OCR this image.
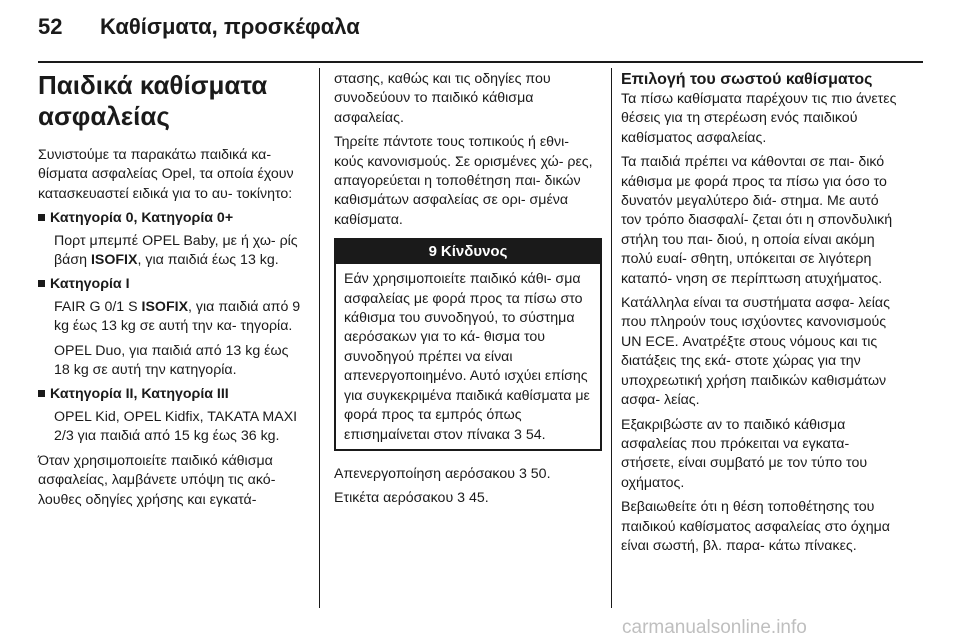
52 Καθίσματα, προσκέφαλα
Παιδικά καθίσματα ασφαλείας

Συνιστούμε τα παρακάτω παιδικά κα- θίσματα ασφαλείας Opel, τα οποία έχουν κατασκευαστεί ειδικά για το αυ- τοκίνητο:

Κατηγορία 0, Κατηγορία 0+

Πορτ μπεμπέ OPEL Baby, με ή χω- ρίς βάση ISOFIX, για παιδιά έως 13 kg.

Κατηγορία I

FAIR G 0/1 S ISOFIX, για παιδιά από 9 kg έως 13 kg σε αυτή την κα- τηγορία.

OPEL Duo, για παιδιά από 13 kg έως 18 kg σε αυτή την κατηγορία.

Κατηγορία II, Κατηγορία III

OPEL Kid, OPEL Kidfix, TAKATA MAXI 2/3 για παιδιά από 15 kg έως 36 kg.

Όταν χρησιμοποιείτε παιδικό κάθισμα ασφαλείας, λαμβάνετε υπόψη τις ακό- λουθες οδηγίες χρήσης και εγκατά-

στασης, καθώς και τις οδηγίες που συνοδεύουν το παιδικό κάθισμα ασφαλείας.

Τηρείτε πάντοτε τους τοπικούς ή εθνι- κούς κανονισμούς. Σε ορισμένες χώ- ρες, απαγορεύεται η τοποθέτηση παι- δικών καθισμάτων ασφαλείας σε ορι- σμένα καθίσματα.

9 Κίνδυνος

Εάν χρησιμοποιείτε παιδικό κάθι- σμα ασφαλείας με φορά προς τα πίσω στο κάθισμα του συνοδηγού, το σύστημα αερόσακων για το κά- θισμα του συνοδηγού πρέπει να είναι απενεργοποιημένο. Αυτό ισχύει επίσης για συγκεκριμένα παιδικά καθίσματα με φορά προς τα εμπρός όπως επισημαίνεται στον πίνακα 3 54.

Απενεργοποίηση αερόσακου 3 50.

Ετικέτα αερόσακου 3 45.

Επιλογή του σωστού καθίσματος

Τα πίσω καθίσματα παρέχουν τις πιο άνετες θέσεις για τη στερέωση ενός παιδικού καθίσματος ασφαλείας.

Τα παιδιά πρέπει να κάθονται σε παι- δικό κάθισμα με φορά προς τα πίσω για όσο το δυνατόν μεγαλύτερο διά- στημα. Με αυτό τον τρόπο διασφαλί- ζεται ότι η σπονδυλική στήλη του παι- διού, η οποία είναι ακόμη πολύ ευαί- σθητη, υπόκειται σε λιγότερη καταπό- νηση σε περίπτωση ατυχήματος.

Κατάλληλα είναι τα συστήματα ασφα- λείας που πληρούν τους ισχύοντες κανονισμούς UN ECE. Ανατρέξτε στους νόμους και τις διατάξεις της εκά- στοτε χώρας για την υποχρεωτική χρήση παιδικών καθισμάτων ασφα- λείας.

Εξακριβώστε αν το παιδικό κάθισμα ασφαλείας που πρόκειται να εγκατα- στήσετε, είναι συμβατό με τον τύπο του οχήματος.

Βεβαιωθείτε ότι η θέση τοποθέτησης του παιδικού καθίσματος ασφαλείας στο όχημα είναι σωστή, βλ. παρα- κάτω πίνακες.

carmanualsonline.info
